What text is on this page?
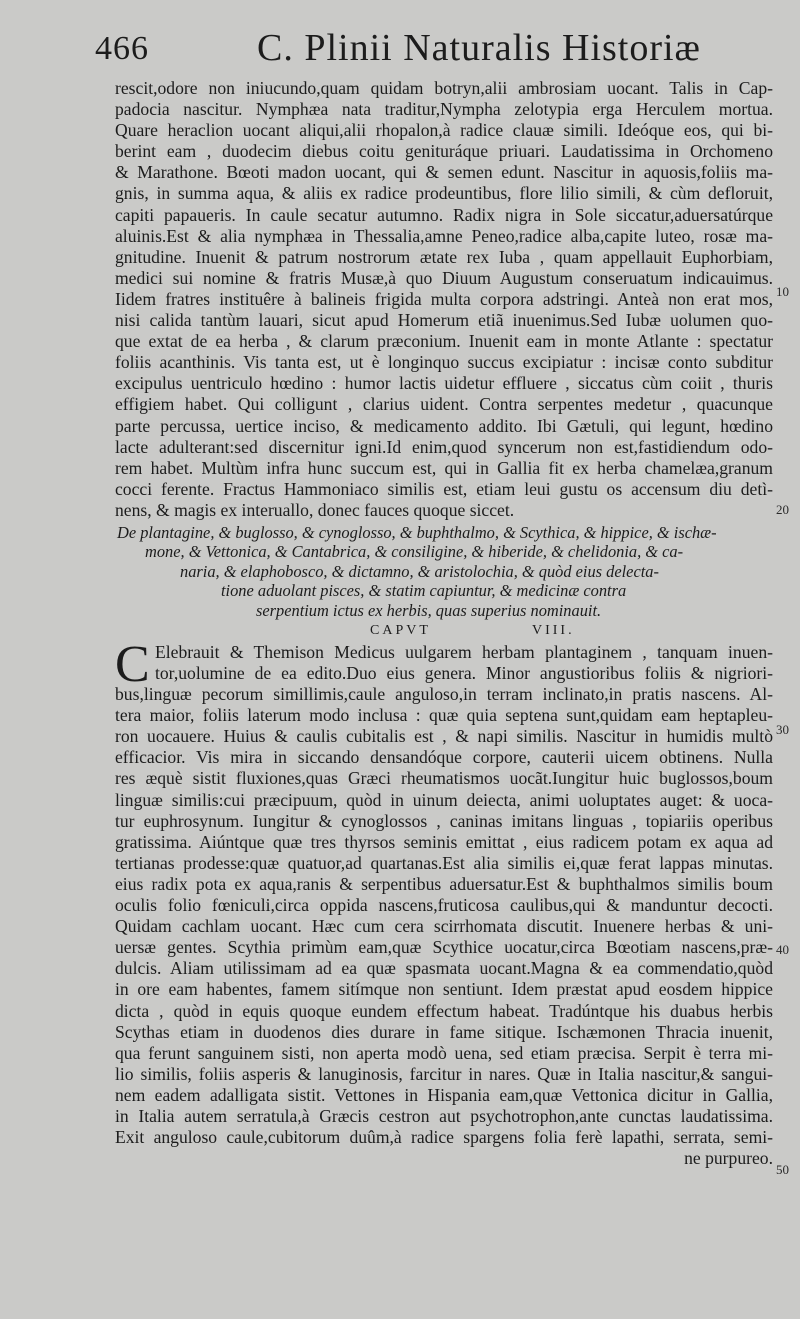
466	C. Plinii Naturalis Historiæ
rescit,odore non iniucundo,quam quidam botryn,alii ambrosiam uocant. Talis in Cap-
padocia nascitur. Nymphæa nata traditur,Nympha zelotypia erga Herculem mortua.
Quare heraclion uocant aliqui,alii rhopalon,à radice clauæ simili. Ideóque eos, qui bi-
berint eam , duodecim diebus coitu genituráque priuari. Laudatissima in Orchomeno
& Marathone. Bœoti madon uocant, qui & semen edunt. Nascitur in aquosis,foliis ma-
gnis, in summa aqua, & aliis ex radice prodeuntibus, flore lilio simili, & cùm defloruit,
capiti papaueris. In caule secatur autumno. Radix nigra in Sole siccatur,aduersatúrque
aluinis.Est & alia nymphæa in Thessalia,amne Peneo,radice alba,capite luteo, rosæ ma-
gnitudine. Inuenit & patrum nostrorum ætate rex Iuba , quam appellauit Euphorbiam,
medici sui nomine & fratris Musæ,à quo Diuum Augustum conseruatum indicauimus.
Iidem fratres instituêre à balineis frigida multa corpora adstringi. Anteà non erat mos,
nisi calida tantùm lauari, sicut apud Homerum etiã inuenimus.Sed Iubæ uolumen quo-
que extat de ea herba , & clarum præconium. Inuenit eam in monte Atlante : spectatur
foliis acanthinis. Vis tanta est, ut è longinquo succus excipiatur : incisæ conto subditur
excipulus uentriculo hœdino : humor lactis uidetur effluere , siccatus cùm coiit , thuris
effigiem habet. Qui colligunt , clarius uident. Contra serpentes medetur , quacunque
parte percussa, uertice inciso, & medicamento addito. Ibi Gætuli, qui legunt, hœdino
lacte adulterant:sed discernitur igni.Id enim,quod syncerum non est,fastidiendum odo-
rem habet. Multùm infra hunc succum est, qui in Gallia fit ex herba chamelæa,granum
cocci ferente. Fractus Hammoniaco similis est, etiam leui gustu os accensum diu detì-
nens, & magis ex interuallo, donec fauces quoque siccet.
De plantagine, & buglosso, & cynoglosso, & buphthalmo, & Scythica, & hippice, & ischæ-
mone, & Vettonica, & Cantabrica, & consiligine, & hiberide, & chelidonia, & ca-
naria, & elaphobosco, & dictamno, & aristolochia, & quòd eius delecta-
tione aduolant pisces, & statim capiuntur, & medicinæ contra
serpentium ictus ex herbis, quas superius nominauit.
CAPVT	VIII.
C Elebrauit & Themison Medicus uulgarem herbam plantaginem , tanquam inuen-
tor,uolumine de ea edito.Duo eius genera. Minor angustioribus foliis & nigriori-
bus,linguæ pecorum simillimis,caule anguloso,in terram inclinato,in pratis nascens. Al-
tera maior, foliis laterum modo inclusa : quæ quia septena sunt,quidam eam heptapleu-
ron uocauere. Huius & caulis cubitalis est , & napi similis. Nascitur in humidis multò
efficacior. Vis mira in siccando densandóque corpore, cauterii uicem obtinens. Nulla
res æquè sistit fluxiones,quas Græci rheumatismos uocãt.Iungitur huic buglossos,boum
linguæ similis:cui præcipuum, quòd in uinum deiecta, animi uoluptates auget: & uoca-
tur euphrosynum. Iungitur & cynoglossos , caninas imitans linguas , topiariis operibus
gratissima. Aiúntque quæ tres thyrsos seminis emittat , eius radicem potam ex aqua ad
tertianas prodesse:quæ quatuor,ad quartanas.Est alia similis ei,quæ ferat lappas minutas.
eius radix pota ex aqua,ranis & serpentibus aduersatur.Est & buphthalmos similis boum
oculis folio fœniculi,circa oppida nascens,fruticosa caulibus,qui & manduntur decocti.
Quidam cachlam uocant. Hæc cum cera scirrhomata discutit. Inuenere herbas & uni-
uersæ gentes. Scythia primùm eam,quæ Scythice uocatur,circa Bœotiam nascens,præ-
dulcis. Aliam utilissimam ad ea quæ spasmata uocant.Magna & ea commendatio,quòd
in ore eam habentes, famem sitímque non sentiunt. Idem præstat apud eosdem hippice
dicta , quòd in equis quoque eundem effectum habeat. Tradúntque his duabus herbis
Scythas etiam in duodenos dies durare in fame sitique. Ischæmonen Thracia inuenit,
qua ferunt sanguinem sisti, non aperta modò uena, sed etiam præcisa. Serpit è terra mi-
lio similis, foliis asperis & lanuginosis, farcitur in nares. Quæ in Italia nascitur,& sangui-
nem eadem adalligata sistit. Vettones in Hispania eam,quæ Vettonica dicitur in Gallia,
in Italia autem serratula,à Græcis cestron aut psychotrophon,ante cunctas laudatissima.
Exit anguloso caule,cubitorum duûm,à radice spargens folia ferè lapathi, serrata, semi-
ne purpureo.
10
20
30
40
50
